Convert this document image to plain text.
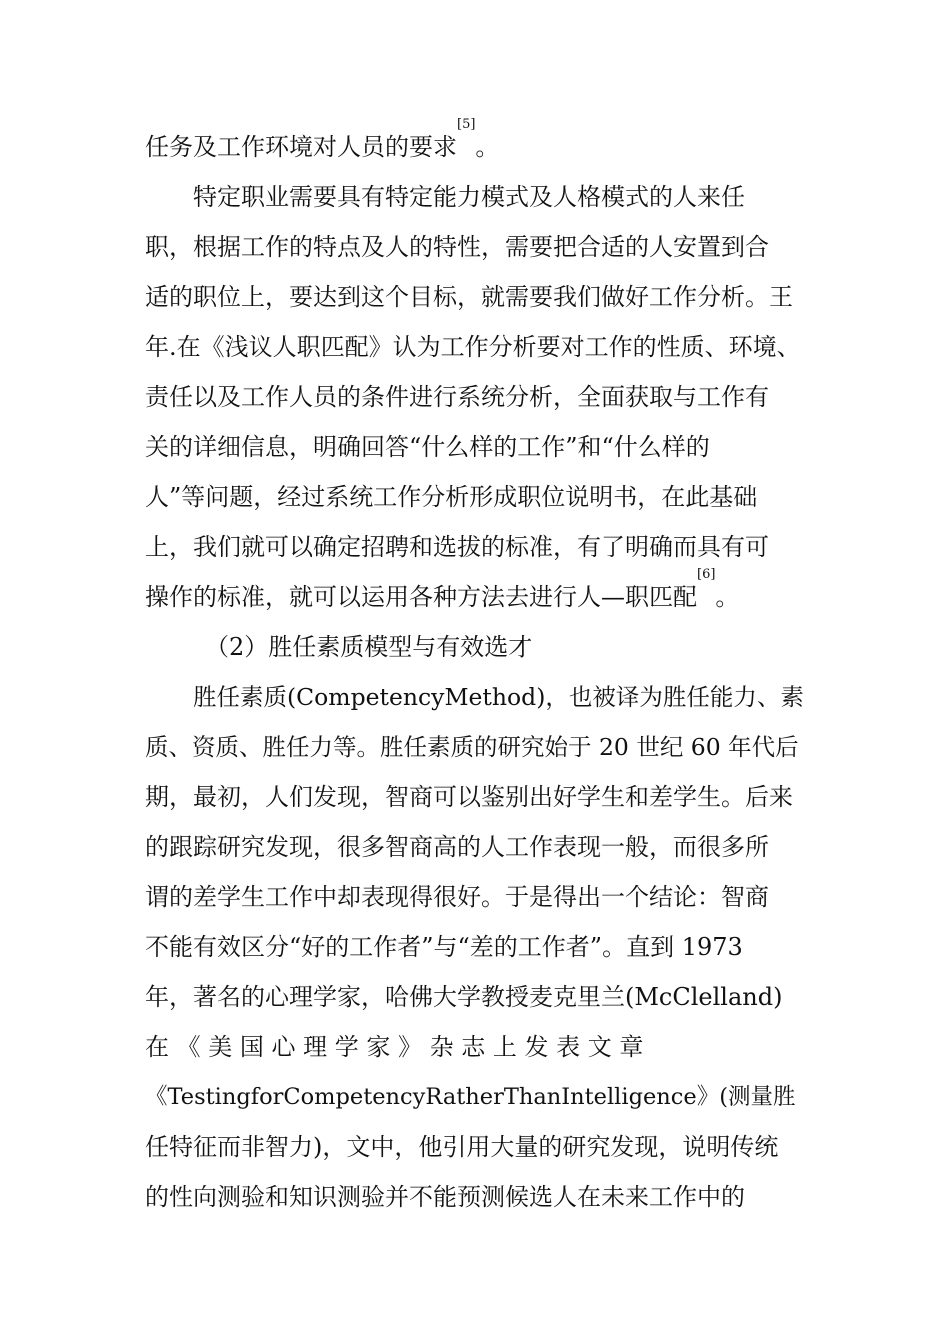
任务及工作环境对人员的要求[5]。
特定职业需要具有特定能力模式及人格模式的人来任
职，根据工作的特点及人的特性，需要把合适的人安置到合
适的职位上，要达到这个目标，就需要我们做好工作分析。王
年.在《浅议人职匹配》认为工作分析要对工作的性质、环境、
责任以及工作人员的条件进行系统分析，全面获取与工作有
关的详细信息，明确回答“什么样的工作”和“什么样的
人”等问题，经过系统工作分析形成职位说明书，在此基础
上，我们就可以确定招聘和选拔的标准，有了明确而具有可
操作的标准，就可以运用各种方法去进行人—职匹配[6]。
（2）胜任素质模型与有效选才
胜任素质(CompetencyMethod)，也被译为胜任能力、素
质、资质、胜任力等。胜任素质的研究始于 20 世纪 60 年代后
期，最初，人们发现，智商可以鉴别出好学生和差学生。后来
的跟踪研究发现，很多智商高的人工作表现一般，而很多所
谓的差学生工作中却表现得很好。于是得出一个结论：智商
不能有效区分“好的工作者”与“差的工作者”。直到 1973
年，著名的心理学家，哈佛大学教授麦克里兰(McClelland)
在 《 美 国 心 理 学 家 》 杂 志 上 发 表 文 章
《TestingforCompetencyRatherThanIntelligence》(测量胜
任特征而非智力)，文中，他引用大量的研究发现，说明传统
的性向测验和知识测验并不能预测候选人在未来工作中的
